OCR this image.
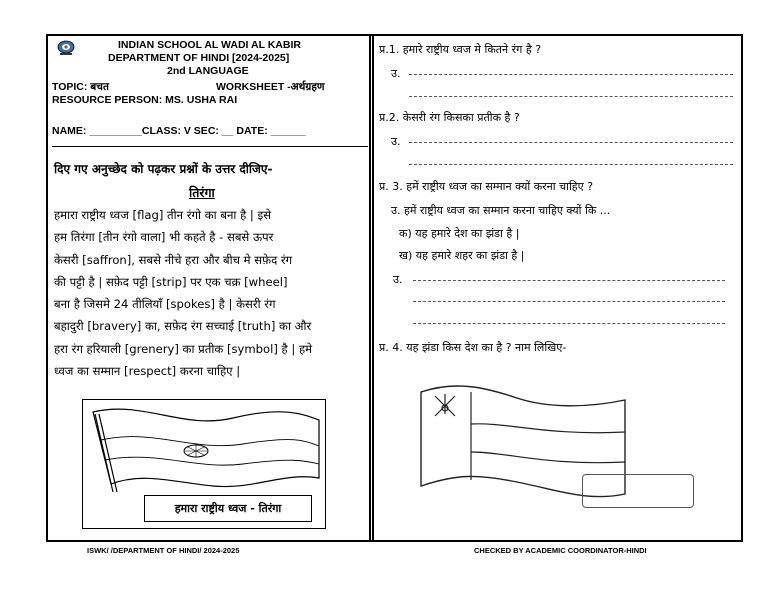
INDIAN SCHOOL AL WADI AL KABIR
DEPARTMENT OF HINDI [2024-2025]
2nd LANGUAGE
TOPIC: बचत	WORKSHEET -अर्थग्रहण
RESOURCE PERSON: MS. USHA RAI
NAME: _________CLASS: V SEC: __ DATE: ______
दिए गए अनुच्छेद को पढ़कर प्रश्नों के उत्तर दीजिए-
तिरंगा
हमारा राष्ट्रीय ध्वज [flag] तीन रंगो का बना है | इसे
हम तिरंगा [तीन रंगो वाला] भी कहते है - सबसे ऊपर
केसरी [saffron], सबसे नीचे हरा और बीच मे सफ़ेद रंग
की पट्टी है | सफ़ेद पट्टी [strip] पर एक चक्र [wheel]
बना है जिसमे 24 तीलियाँ [spokes] है | केसरी रंग
बहादुरी [bravery] का, सफ़ेद रंग सच्चाई [truth] का और
हरा रंग हरियाली [grenery] का प्रतीक [symbol] है | हमे
ध्वज का सम्मान [respect] करना चाहिए |
हमारा राष्ट्रीय ध्वज - तिरंगा
प्र.1. हमारे राष्ट्रीय ध्वज मे कितने रंग है ?
उ.
प्र.2. केसरी रंग किसका प्रतीक है ?
उ.
प्र. 3. हमें राष्ट्रीय ध्वज का सम्मान क्यों करना चाहिए ?
उ. हमें राष्ट्रीय ध्वज का सम्मान करना चाहिए क्यों कि ...
क) यह हमारे देश का झंडा है |
ख) यह हमारे शहर का झंडा है |
उ.
प्र. 4. यह झंडा किस देश का है ? नाम लिखिए-
ISWK/ /DEPARTMENT OF HINDI/ 2024-2025	CHECKED BY ACADEMIC COORDINATOR-HINDI
